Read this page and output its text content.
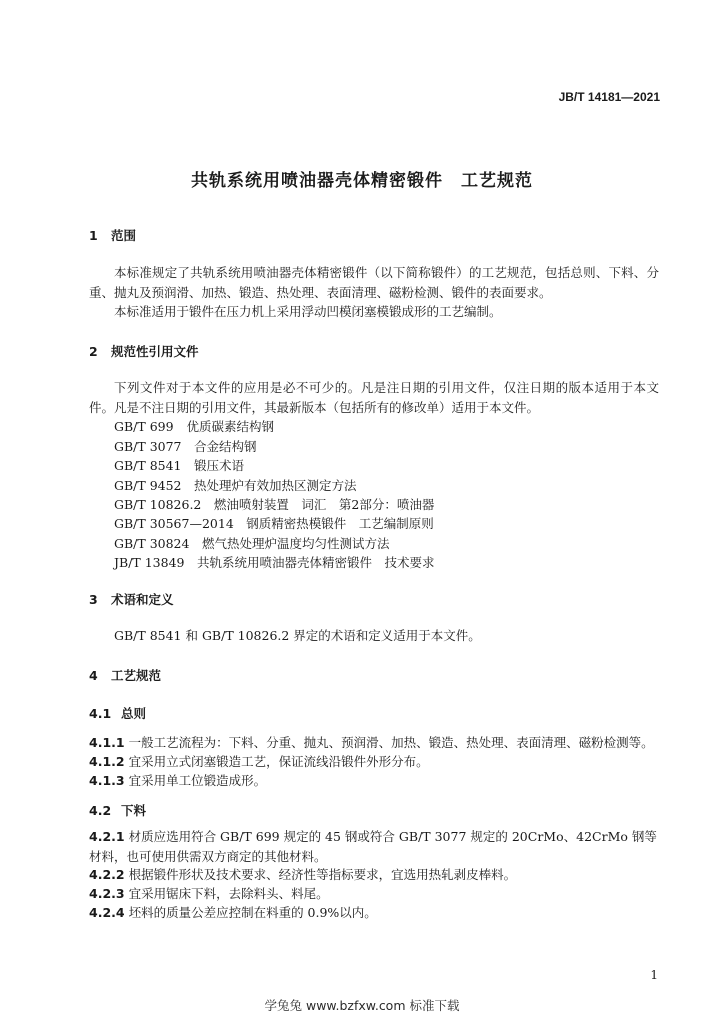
JB/T 14181—2021
共轨系统用喷油器壳体精密锻件　工艺规范
1 范围
本标准规定了共轨系统用喷油器壳体精密锻件（以下简称锻件）的工艺规范，包括总则、下料、分重、抛丸及预润滑、加热、锻造、热处理、表面清理、磁粉检测、锻件的表面要求。
本标准适用于锻件在压力机上采用浮动凹模闭塞模锻成形的工艺编制。
2 规范性引用文件
下列文件对于本文件的应用是必不可少的。凡是注日期的引用文件，仅注日期的版本适用于本文件。凡是不注日期的引用文件，其最新版本（包括所有的修改单）适用于本文件。
GB/T 699　 优质碳素结构钢
GB/T 3077　 合金结构钢
GB/T 8541　 锻压术语
GB/T 9452　 热处理炉有效加热区测定方法
GB/T 10826.2　 燃油喷射装置　词汇　第2部分：喷油器
GB/T 30567—2014　 钢质精密热模锻件　工艺编制原则
GB/T 30824　 燃气热处理炉温度均匀性测试方法
JB/T 13849　 共轨系统用喷油器壳体精密锻件　技术要求
3 术语和定义
GB/T 8541 和 GB/T 10826.2 界定的术语和定义适用于本文件。
4 工艺规范
4.1 总则
4.1.1 一般工艺流程为：下料、分重、抛丸、预润滑、加热、锻造、热处理、表面清理、磁粉检测等。
4.1.2 宜采用立式闭塞锻造工艺，保证流线沿锻件外形分布。
4.1.3 宜采用单工位锻造成形。
4.2 下料
4.2.1 材质应选用符合 GB/T 699 规定的 45 钢或符合 GB/T 3077 规定的 20CrMo、42CrMo 钢等材料，也可使用供需双方商定的其他材料。
4.2.2 根据锻件形状及技术要求、经济性等指标要求，宜选用热轧剥皮棒料。
4.2.3 宜采用锯床下料，去除料头、料尾。
4.2.4 坯料的质量公差应控制在料重的 0.9%以内。
1
学兔兔 www.bzfxw.com 标准下载
